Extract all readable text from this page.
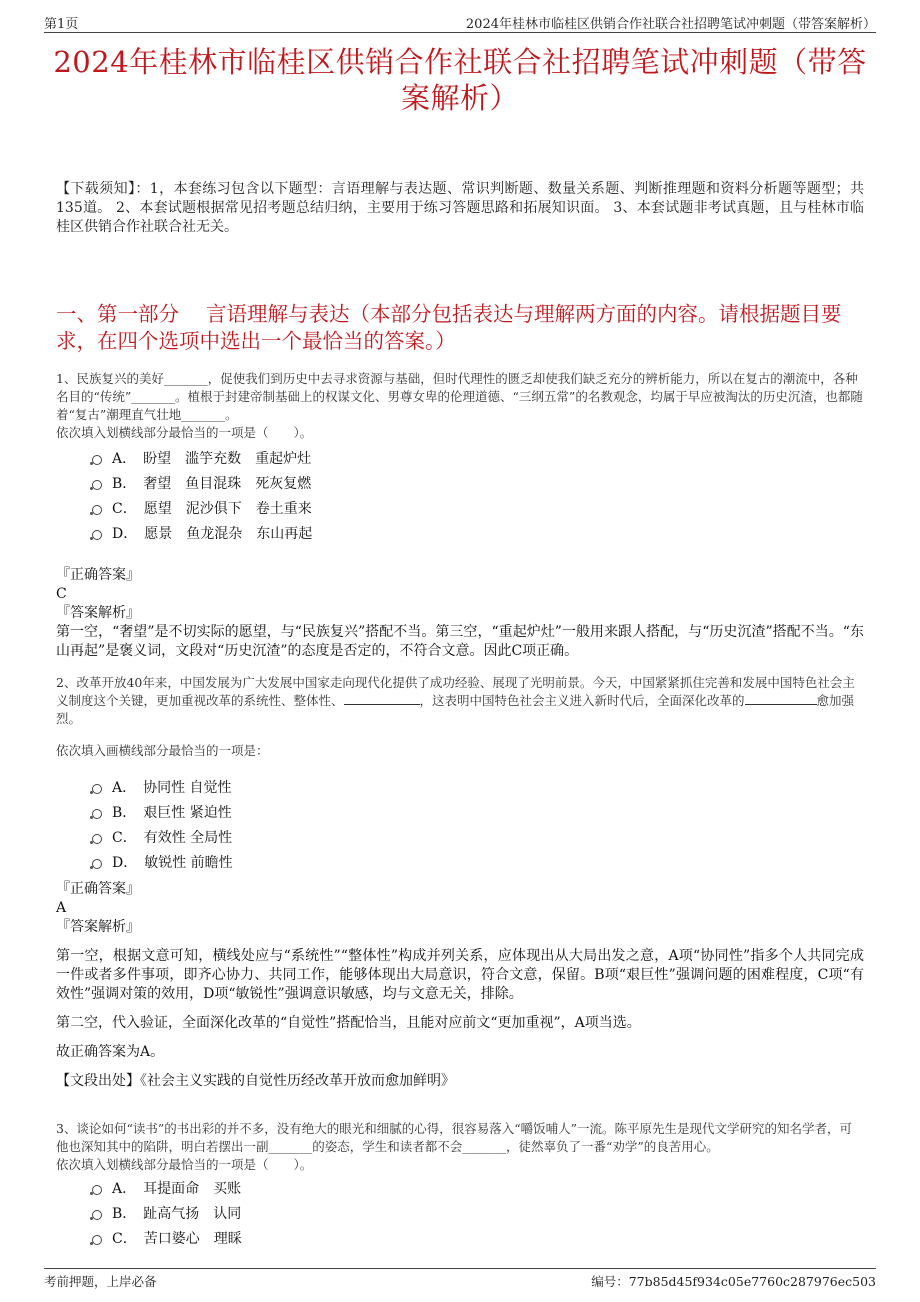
第1页	2024年桂林市临桂区供销合作社联合社招聘笔试冲刺题（带答案解析）
2024年桂林市临桂区供销合作社联合社招聘笔试冲刺题（带答案解析）
【下载须知】：1，本套练习包含以下题型：言语理解与表达题、常识判断题、数量关系题、判断推理题和资料分析题等题型；共135道。 2、本套试题根据常见招考题总结归纳，主要用于练习答题思路和拓展知识面。 3、本套试题非考试真题，且与桂林市临桂区供销合作社联合社无关。
一、第一部分　 言语理解与表达（本部分包括表达与理解两方面的内容。请根据题目要求，在四个选项中选出一个最恰当的答案。）

1、民族复兴的美好_______，促使我们到历史中去寻求资源与基础，但时代理性的匮乏却使我们缺乏充分的辨析能力，所以在复古的潮流中，各种名目的“传统”_______。植根于封建帝制基础上的权谋文化、男尊女卑的伦理道德、“三纲五常”的名教观念，均属于早应被淘汰的历史沉渣，也都随着“复古”潮理直气壮地_______。

依次填入划横线部分最恰当的一项是（　　）。

A．　盼望　滥竽充数　重起炉灶
B．　奢望　鱼目混珠　死灰复燃
C．　愿望　泥沙俱下　卷土重来
D．　愿景　鱼龙混杂　东山再起

『正确答案』

C

『答案解析』

第一空，“奢望”是不切实际的愿望，与“民族复兴”搭配不当。第三空，“重起炉灶”一般用来跟人搭配，与“历史沉渣”搭配不当。“东山再起”是褒义词，文段对“历史沉渣”的态度是否定的，不符合文意。因此C项正确。

2、改革开放40年来，中国发展为广大发展中国家走向现代化提供了成功经验、展现了光明前景。今天，中国紧紧抓住完善和发展中国特色社会主义制度这个关键，更加重视改革的系统性、整体性、	，这表明中国特色社会主义进入新时代后，全面深化改革的	愈加强烈。

依次填入画横线部分最恰当的一项是：

A．　协同性 自觉性
B．　艰巨性 紧迫性
C．　有效性 全局性
D．　敏锐性 前瞻性

『正确答案』

A

『答案解析』

第一空，根据文意可知，横线处应与“系统性”“整体性”构成并列关系，应体现出从大局出发之意，A项“协同性”指多个人共同完成一件或者多件事项，即齐心协力、共同工作，能够体现出大局意识，符合文意，保留。B项“艰巨性”强调问题的困难程度，C项“有效性”强调对策的效用，D项“敏锐性”强调意识敏感，均与文意无关，排除。

第二空，代入验证，全面深化改革的“自觉性”搭配恰当，且能对应前文“更加重视”，A项当选。

故正确答案为A。

【文段出处】《社会主义实践的自觉性历经改革开放而愈加鲜明》

3、谈论如何“读书”的书出彩的并不多，没有绝大的眼光和细腻的心得，很容易落入“嚼饭哺人”一流。陈平原先生是现代文学研究的知名学者，可他也深知其中的陷阱，明白若摆出一副_______的姿态，学生和读者都不会_______，徒然辜负了一番“劝学”的良苦用心。

依次填入划横线部分最恰当的一项是（　　）。

A．　耳提面命　买账
B．　趾高气扬　认同
C．　苦口婆心　理睬
考前押题，上岸必备	编号：77b85d45f934c05e7760c287976ec503
